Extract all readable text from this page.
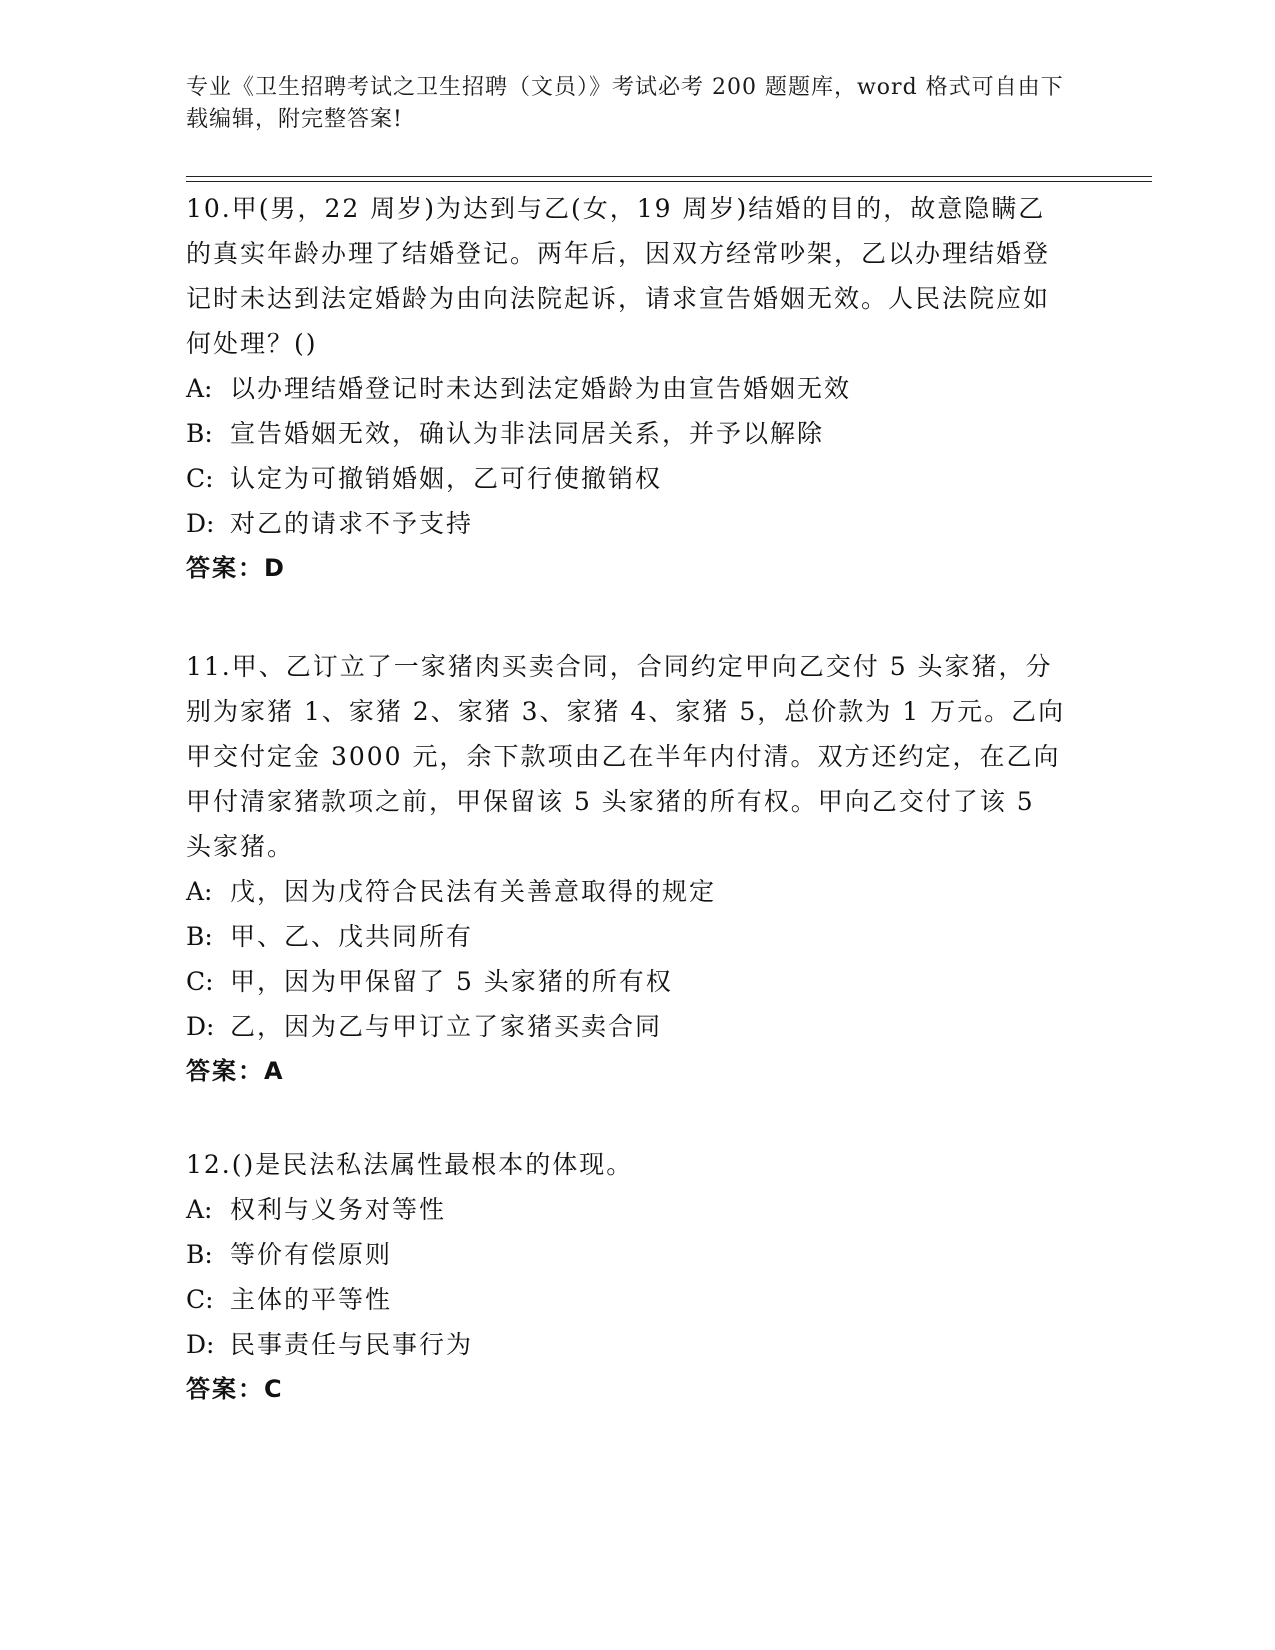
专业《卫生招聘考试之卫生招聘（文员）》考试必考 200 题题库，word 格式可自由下载编辑，附完整答案!

10.甲(男，22 周岁)为达到与乙(女，19 周岁)结婚的目的，故意隐瞒乙的真实年龄办理了结婚登记。两年后，因双方经常吵架，乙以办理结婚登记时未达到法定婚龄为由向法院起诉，请求宣告婚姻无效。人民法院应如何处理？()

A: 以办理结婚登记时未达到法定婚龄为由宣告婚姻无效

B: 宣告婚姻无效，确认为非法同居关系，并予以解除

C: 认定为可撤销婚姻，乙可行使撤销权

D: 对乙的请求不予支持

答案：D

11.甲、乙订立了一家猪肉买卖合同，合同约定甲向乙交付 5 头家猪，分别为家猪 1、家猪 2、家猪 3、家猪 4、家猪 5，总价款为 1 万元。乙向甲交付定金 3000 元，余下款项由乙在半年内付清。双方还约定，在乙向甲付清家猪款项之前，甲保留该 5 头家猪的所有权。甲向乙交付了该 5 头家猪。

A: 戊，因为戊符合民法有关善意取得的规定

B: 甲、乙、戊共同所有

C: 甲，因为甲保留了 5 头家猪的所有权

D: 乙，因为乙与甲订立了家猪买卖合同

答案：A

12.()是民法私法属性最根本的体现。

A: 权利与义务对等性

B: 等价有偿原则

C: 主体的平等性

D: 民事责任与民事行为

答案：C
